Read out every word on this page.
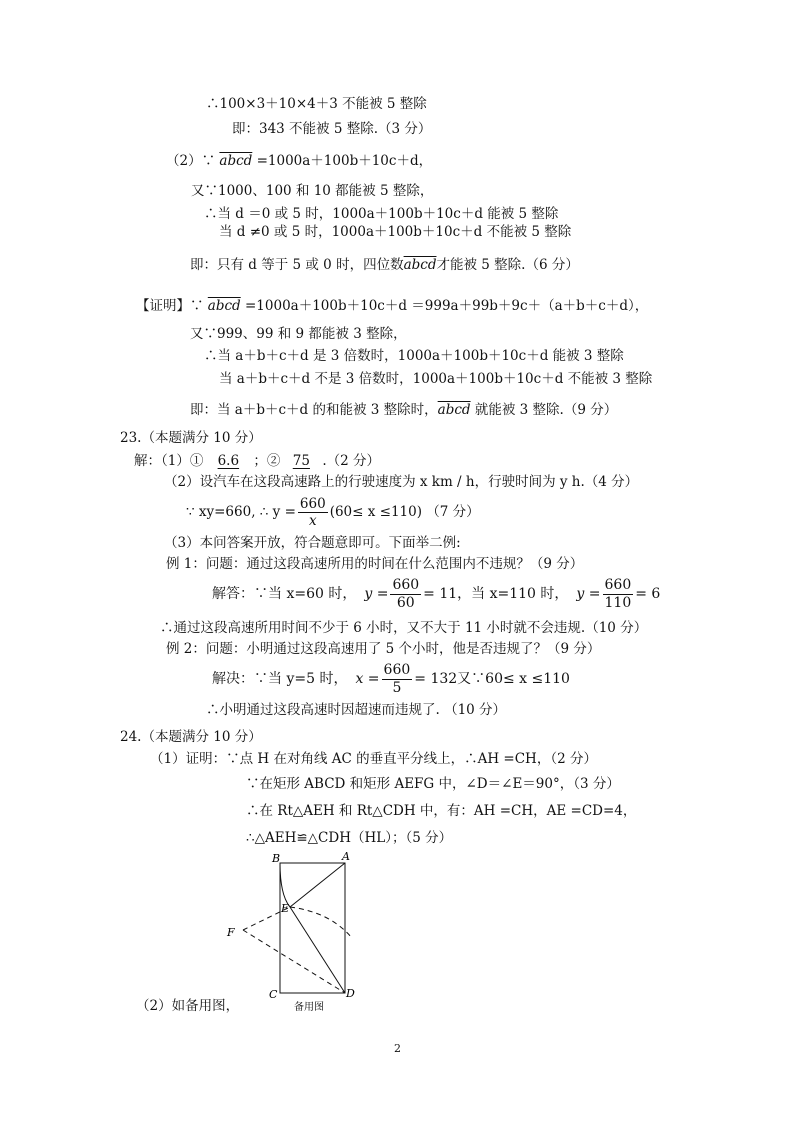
∴100×3＋10×4＋3 不能被 5 整除
即：343 不能被 5 整除.（3 分）
（2）∵ abcd =1000a＋100b＋10c＋d，
又∵1000、100 和 10 都能被 5 整除，
∴当 d ＝0 或 5 时，1000a＋100b＋10c＋d 能被 5 整除
当 d ≠0 或 5 时，1000a＋100b＋10c＋d 不能被 5 整除
即：只有 d 等于 5 或 0 时，四位数abcd才能被 5 整除.（6 分）
【证明】∵ abcd =1000a＋100b＋10c＋d ＝999a＋99b＋9c＋（a＋b＋c＋d），
又∵999、99 和 9 都能被 3 整除，
∴当 a＋b＋c＋d 是 3 倍数时，1000a＋100b＋10c＋d 能被 3 整除
当 a＋b＋c＋d 不是 3 倍数时，1000a＋100b＋10c＋d 不能被 3 整除
即：当 a＋b＋c＋d 的和能被 3 整除时，abcd 就能被 3 整除.（9 分）
23.（本题满分 10 分）
解：（1）① 6.6 ；② 75 .（2 分）
（2）设汽车在这段高速路上的行驶速度为 x km / h，行驶时间为 y h.（4 分）
∵ xy=660, ∴ $y = \frac{660}{x} (60\le x \le 110)$ （7 分）
（3）本问答案开放，符合题意即可。下面举二例:
例 1：问题：通过这段高速所用的时间在什么范围内不违规？（9 分）
解答：∵当 x=60 时， $y = \frac{660}{60} = 11$， 当 x=110 时， $y = \frac{660}{110} = 6$
∴通过这段高速所用时间不少于 6 小时，又不大于 11 小时就不会违规.（10 分）
例 2：问题：小明通过这段高速用了 5 个小时，他是否违规了？（9 分）
解决：∵当 y=5 时， $x = \frac{660}{5} = 132$ 又∵60≤ x ≤110
∴小明通过这段高速时因超速而违规了. （10 分）
24.（本题满分 10 分）
（1）证明：∵点 H 在对角线 AC 的垂直平分线上，∴AH =CH，（2 分）
∵在矩形 ABCD 和矩形 AEFG 中，∠D＝∠E＝90°，（3 分）
∴在 Rt△AEH 和 Rt△CDH 中，有：AH =CH，AE =CD=4，
∴△AEH≌△CDH（HL）；（5 分）
B	A
E
F
C	D
备用图
（2）如备用图，
2
